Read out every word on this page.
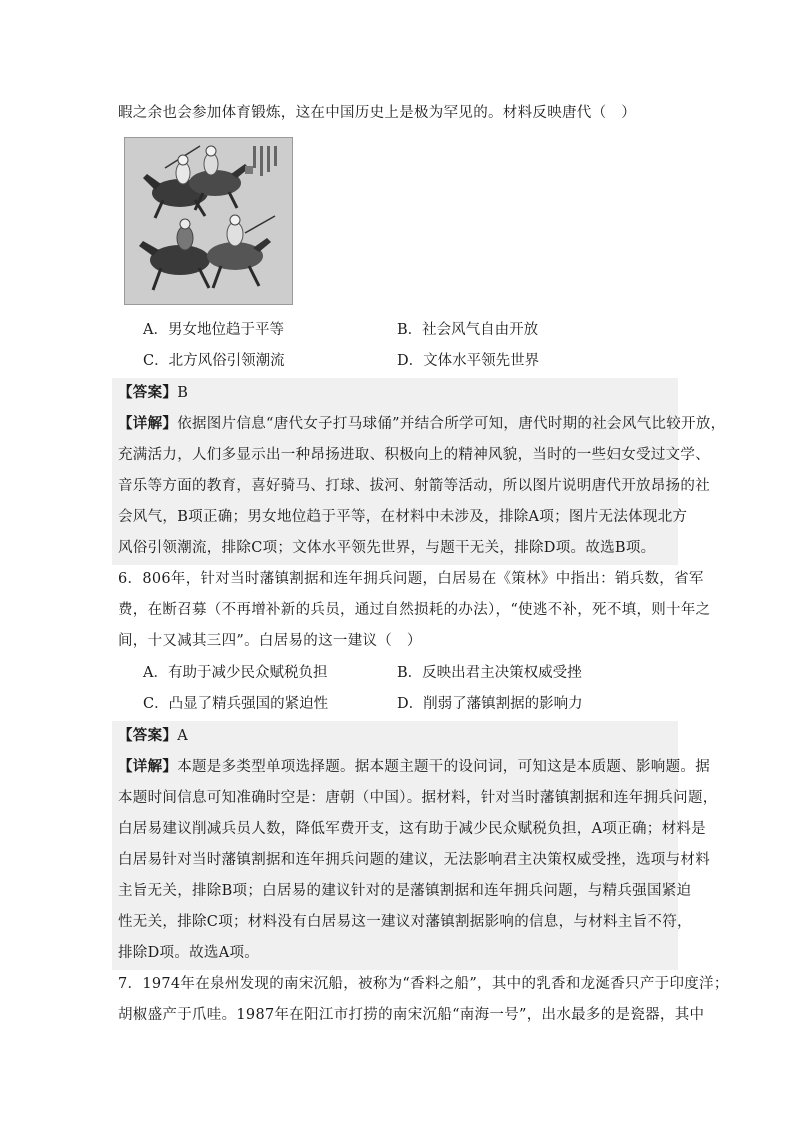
暇之余也会参加体育锻炼，这在中国历史上是极为罕见的。材料反映唐代（　）
A．男女地位趋于平等	B．社会风气自由开放
C．北方风俗引领潮流	D．文体水平领先世界
【答案】B
【详解】依据图片信息“唐代女子打马球俑”并结合所学可知，唐代时期的社会风气比较开放，
充满活力，人们多显示出一种昂扬进取、积极向上的精神风貌，当时的一些妇女受过文学、
音乐等方面的教育，喜好骑马、打球、拔河、射箭等活动，所以图片说明唐代开放昂扬的社
会风气，B项正确；男女地位趋于平等，在材料中未涉及，排除A项；图片无法体现北方
风俗引领潮流，排除C项；文体水平领先世界，与题干无关，排除D项。故选B项。
6．806年，针对当时藩镇割据和连年拥兵问题，白居易在《策林》中指出：销兵数，省军
费，在断召募（不再增补新的兵员，通过自然损耗的办法），“使逃不补，死不填，则十年之
间，十又减其三四”。白居易的这一建议（　）
A．有助于减少民众赋税负担	B．反映出君主决策权威受挫
C．凸显了精兵强国的紧迫性	D．削弱了藩镇割据的影响力
【答案】A
【详解】本题是多类型单项选择题。据本题主题干的设问词，可知这是本质题、影响题。据
本题时间信息可知准确时空是：唐朝（中国）。据材料，针对当时藩镇割据和连年拥兵问题，
白居易建议削减兵员人数，降低军费开支，这有助于减少民众赋税负担，A项正确；材料是
白居易针对当时藩镇割据和连年拥兵问题的建议，无法影响君主决策权威受挫，选项与材料
主旨无关，排除B项；白居易的建议针对的是藩镇割据和连年拥兵问题，与精兵强国紧迫
性无关，排除C项；材料没有白居易这一建议对藩镇割据影响的信息，与材料主旨不符，
排除D项。故选A项。
7．1974年在泉州发现的南宋沉船，被称为“香料之船”，其中的乳香和龙涎香只产于印度洋；
胡椒盛产于爪哇。1987年在阳江市打捞的南宋沉船“南海一号”，出水最多的是瓷器，其中
